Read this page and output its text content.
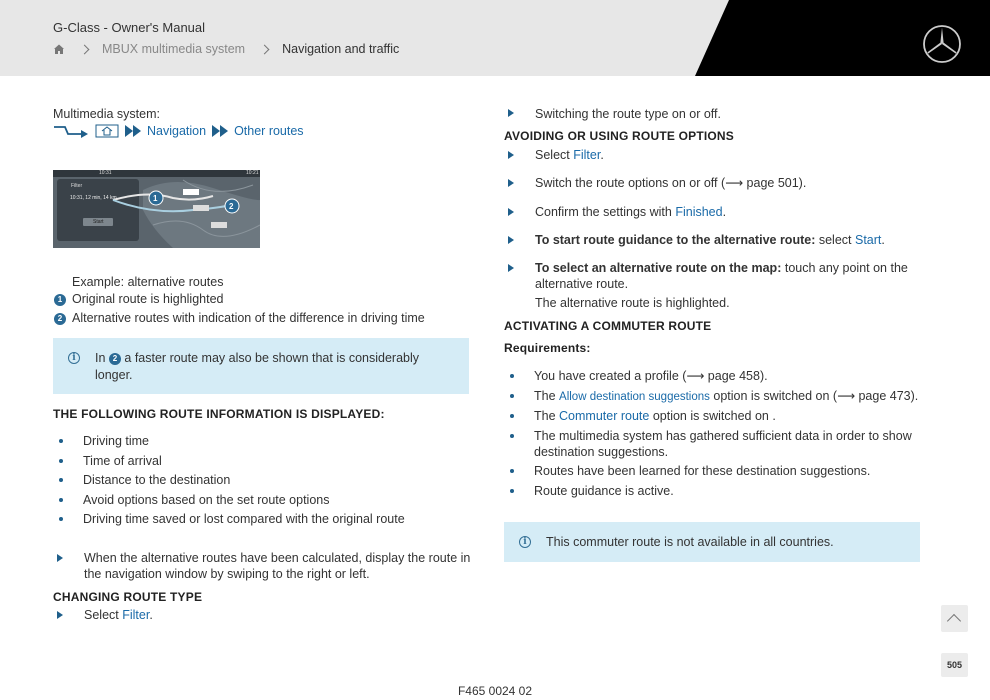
G-Class - Owner's Manual
MBUX multimedia system	Navigation and traffic
Multimedia system:
Navigation Other routes
10:31	10:21
Filter
10:31, 12 min, 14 km
Start
1
2
Example: alternative routes
1 Original route is highlighted
2 Alternative routes with indication of the difference in driving time
i	In 2 a faster route may also be shown that is considerably
longer.
THE FOLLOWING ROUTE INFORMATION IS DISPLAYED:
Driving time
Time of arrival
Distance to the destination
Avoid options based on the set route options
Driving time saved or lost compared with the original route
When the alternative routes have been calculated, display the route in
the navigation window by swiping to the right or left.
CHANGING ROUTE TYPE
Select Filter.
Switching the route type on or off.
AVOIDING OR USING ROUTE OPTIONS
Select Filter.
Switch the route options on or off (⟶ page 501).
Confirm the settings with Finished.
To start route guidance to the alternative route: select Start.
To select an alternative route on the map: touch any point on the
alternative route.
The alternative route is highlighted.
ACTIVATING A COMMUTER ROUTE
Requirements:
You have created a profile (⟶ page 458).
The Allow destination suggestions option is switched on (⟶ page 473).
The Commuter route option is switched on .
The multimedia system has gathered sufficient data in order to show
destination suggestions.
Routes have been learned for these destination suggestions.
Route guidance is active.
i	This commuter route is not available in all countries.
505
F465 0024 02
